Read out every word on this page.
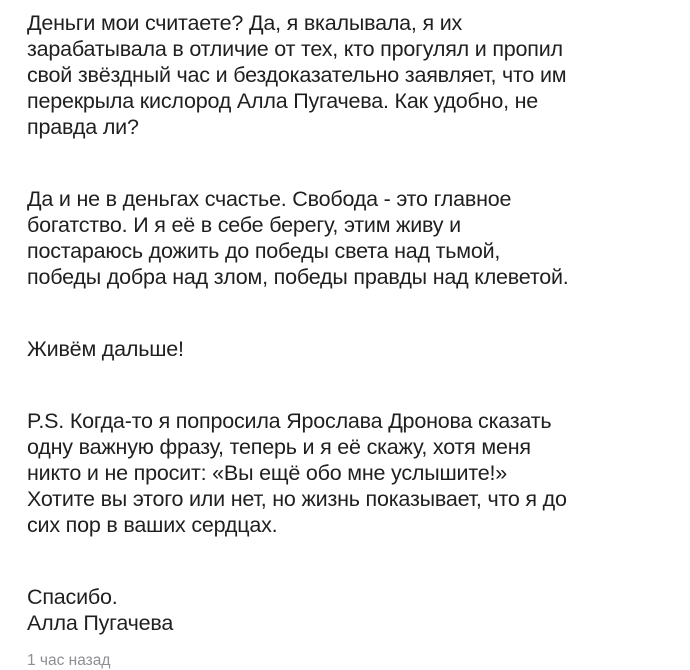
Деньги мои считаете? Да, я вкалывала, я их
зарабатывала в отличие от тех, кто прогулял и пропил
свой звёздный час и бездоказательно заявляет, что им
перекрыла кислород Алла Пугачева. Как удобно, не
правда ли?

Да и не в деньгах счастье. Свобода - это главное
богатство. И я её в себе берегу, этим живу и
постараюсь дожить до победы света над тьмой,
победы добра над злом, победы правды над клеветой.

Живём дальше!

P.S. Когда-то я попросила Ярослава Дронова сказать
одну важную фразу, теперь и я её скажу, хотя меня
никто и не просит: «Вы ещё обо мне услышите!»
Хотите вы этого или нет, но жизнь показывает, что я до
сих пор в ваших сердцах.

Спасибо.
Алла Пугачева

1 час назад
